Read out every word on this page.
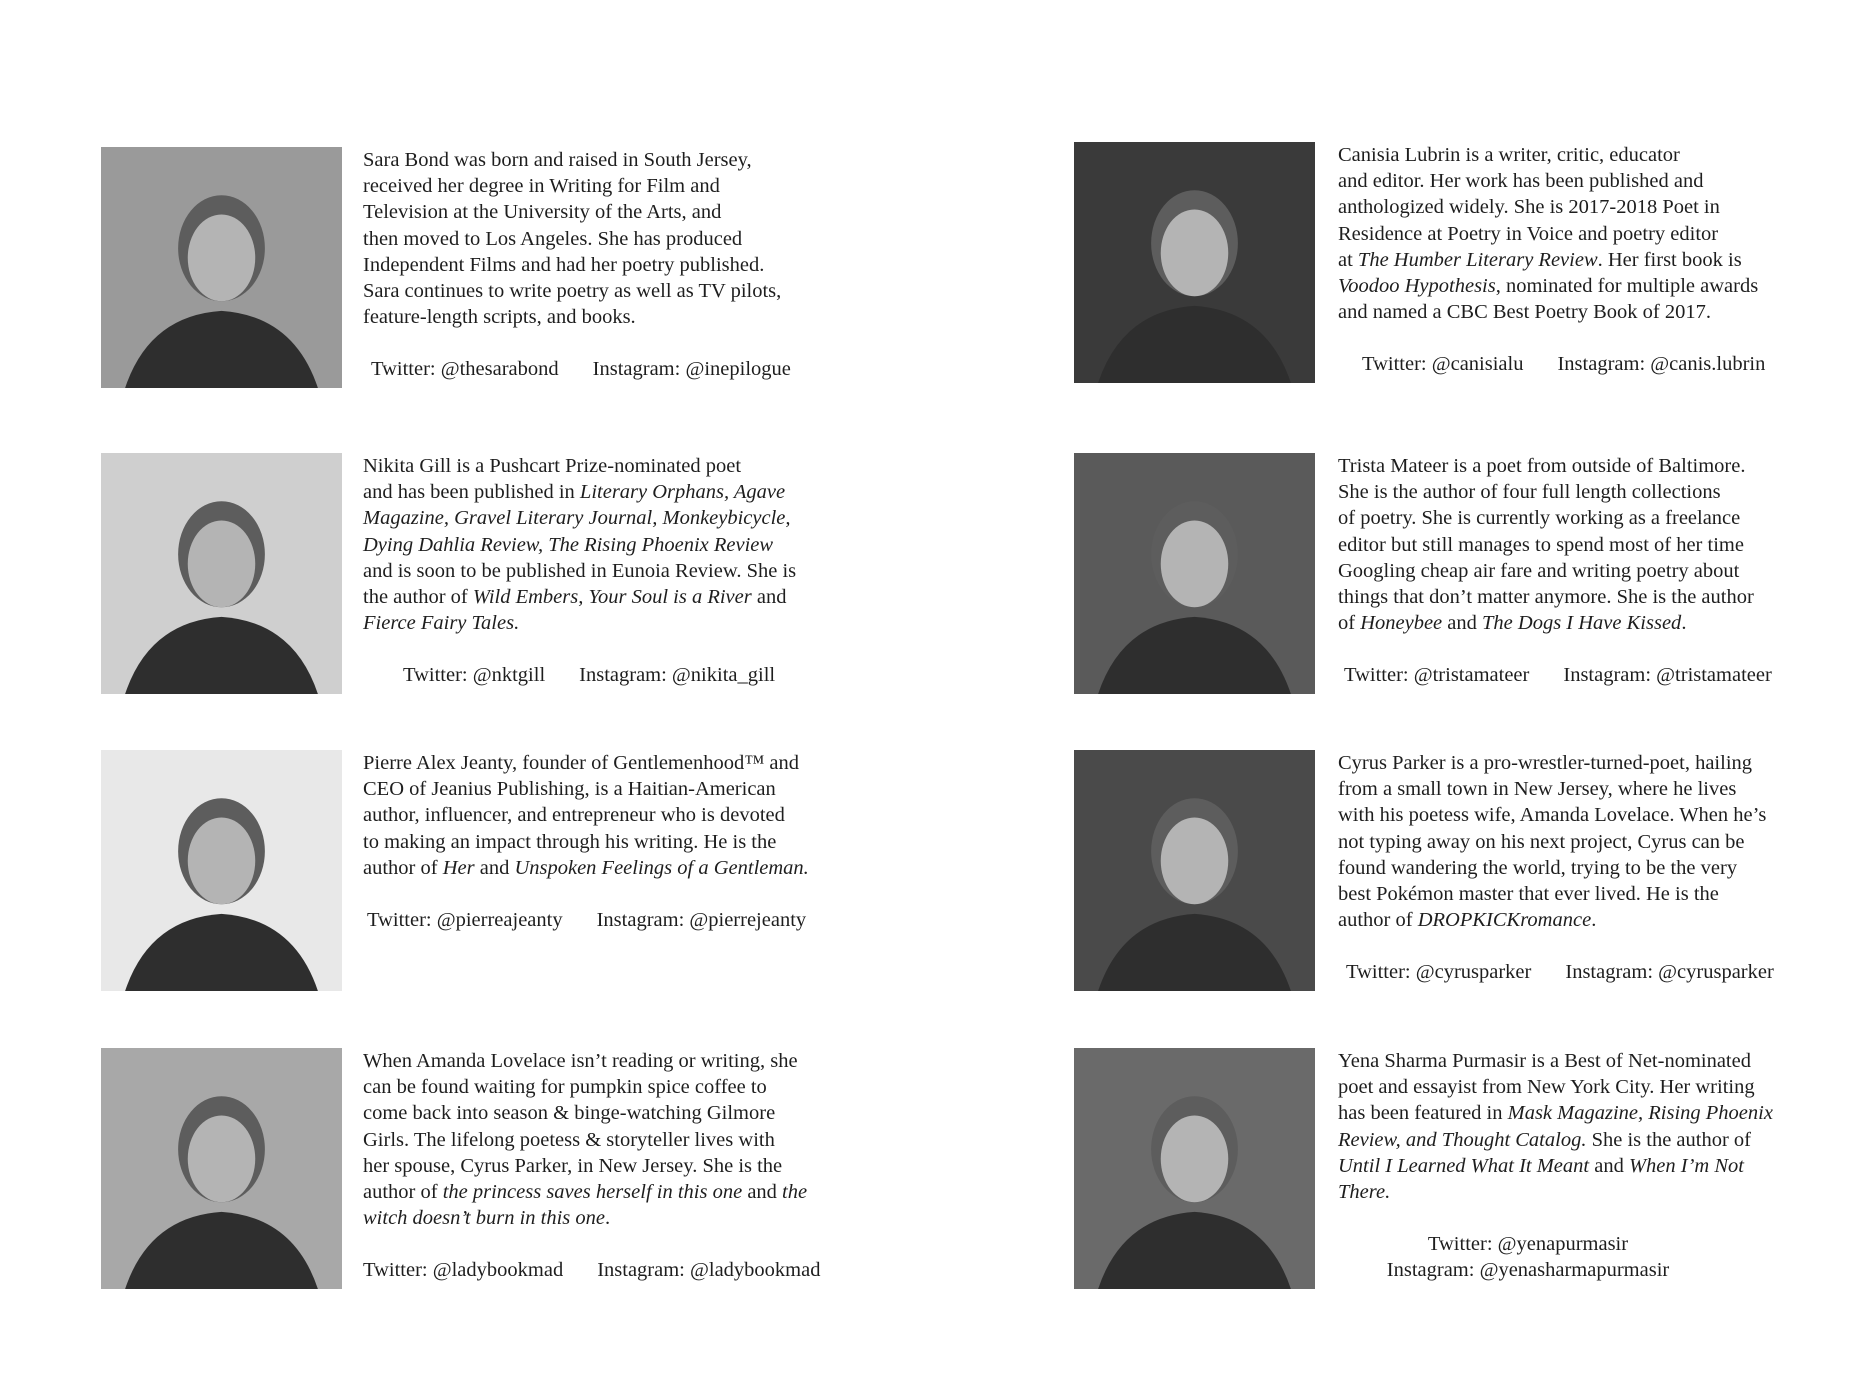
Sara Bond was born and raised in South Jersey,
received her degree in Writing for Film and
Television at the University of the Arts, and
then moved to Los Angeles. She has produced
Independent Films and had her poetry published.
Sara continues to write poetry as well as TV pilots,
feature-length scripts, and books.
Twitter: @thesarabond Instagram: @inepilogue
Nikita Gill is a Pushcart Prize-nominated poet
and has been published in Literary Orphans, Agave
Magazine, Gravel Literary Journal, Monkeybicycle,
Dying Dahlia Review, The Rising Phoenix Review
and is soon to be published in Eunoia Review. She is
the author of Wild Embers, Your Soul is a River and
Fierce Fairy Tales.
Twitter: @nktgill Instagram: @nikita_gill
Pierre Alex Jeanty, founder of Gentlemenhood™ and
CEO of Jeanius Publishing, is a Haitian-American
author, influencer, and entrepreneur who is devoted
to making an impact through his writing. He is the
author of Her and Unspoken Feelings of a Gentleman.
Twitter: @pierreajeanty Instagram: @pierrejeanty
When Amanda Lovelace isn’t reading or writing, she
can be found waiting for pumpkin spice coffee to
come back into season & binge-watching Gilmore
Girls. The lifelong poetess & storyteller lives with
her spouse, Cyrus Parker, in New Jersey. She is the
author of the princess saves herself in this one and the
witch doesn’t burn in this one.
Twitter: @ladybookmad Instagram: @ladybookmad
Canisia Lubrin is a writer, critic, educator
and editor. Her work has been published and
anthologized widely. She is 2017-2018 Poet in
Residence at Poetry in Voice and poetry editor
at The Humber Literary Review. Her first book is
Voodoo Hypothesis, nominated for multiple awards
and named a CBC Best Poetry Book of 2017.
Twitter: @canisialu Instagram: @canis.lubrin
Trista Mateer is a poet from outside of Baltimore.
She is the author of four full length collections
of poetry. She is currently working as a freelance
editor but still manages to spend most of her time
Googling cheap air fare and writing poetry about
things that don’t matter anymore. She is the author
of Honeybee and The Dogs I Have Kissed.
Twitter: @tristamateer Instagram: @tristamateer
Cyrus Parker is a pro-wrestler-turned-poet, hailing
from a small town in New Jersey, where he lives
with his poetess wife, Amanda Lovelace. When he’s
not typing away on his next project, Cyrus can be
found wandering the world, trying to be the very
best Pokémon master that ever lived. He is the
author of DROPKICKromance.
Twitter: @cyrusparker Instagram: @cyrusparker
Yena Sharma Purmasir is a Best of Net-nominated
poet and essayist from New York City. Her writing
has been featured in Mask Magazine, Rising Phoenix
Review, and Thought Catalog. She is the author of
Until I Learned What It Meant and When I’m Not
There.
Twitter: @yenapurmasir
Instagram: @yenasharmapurmasir
